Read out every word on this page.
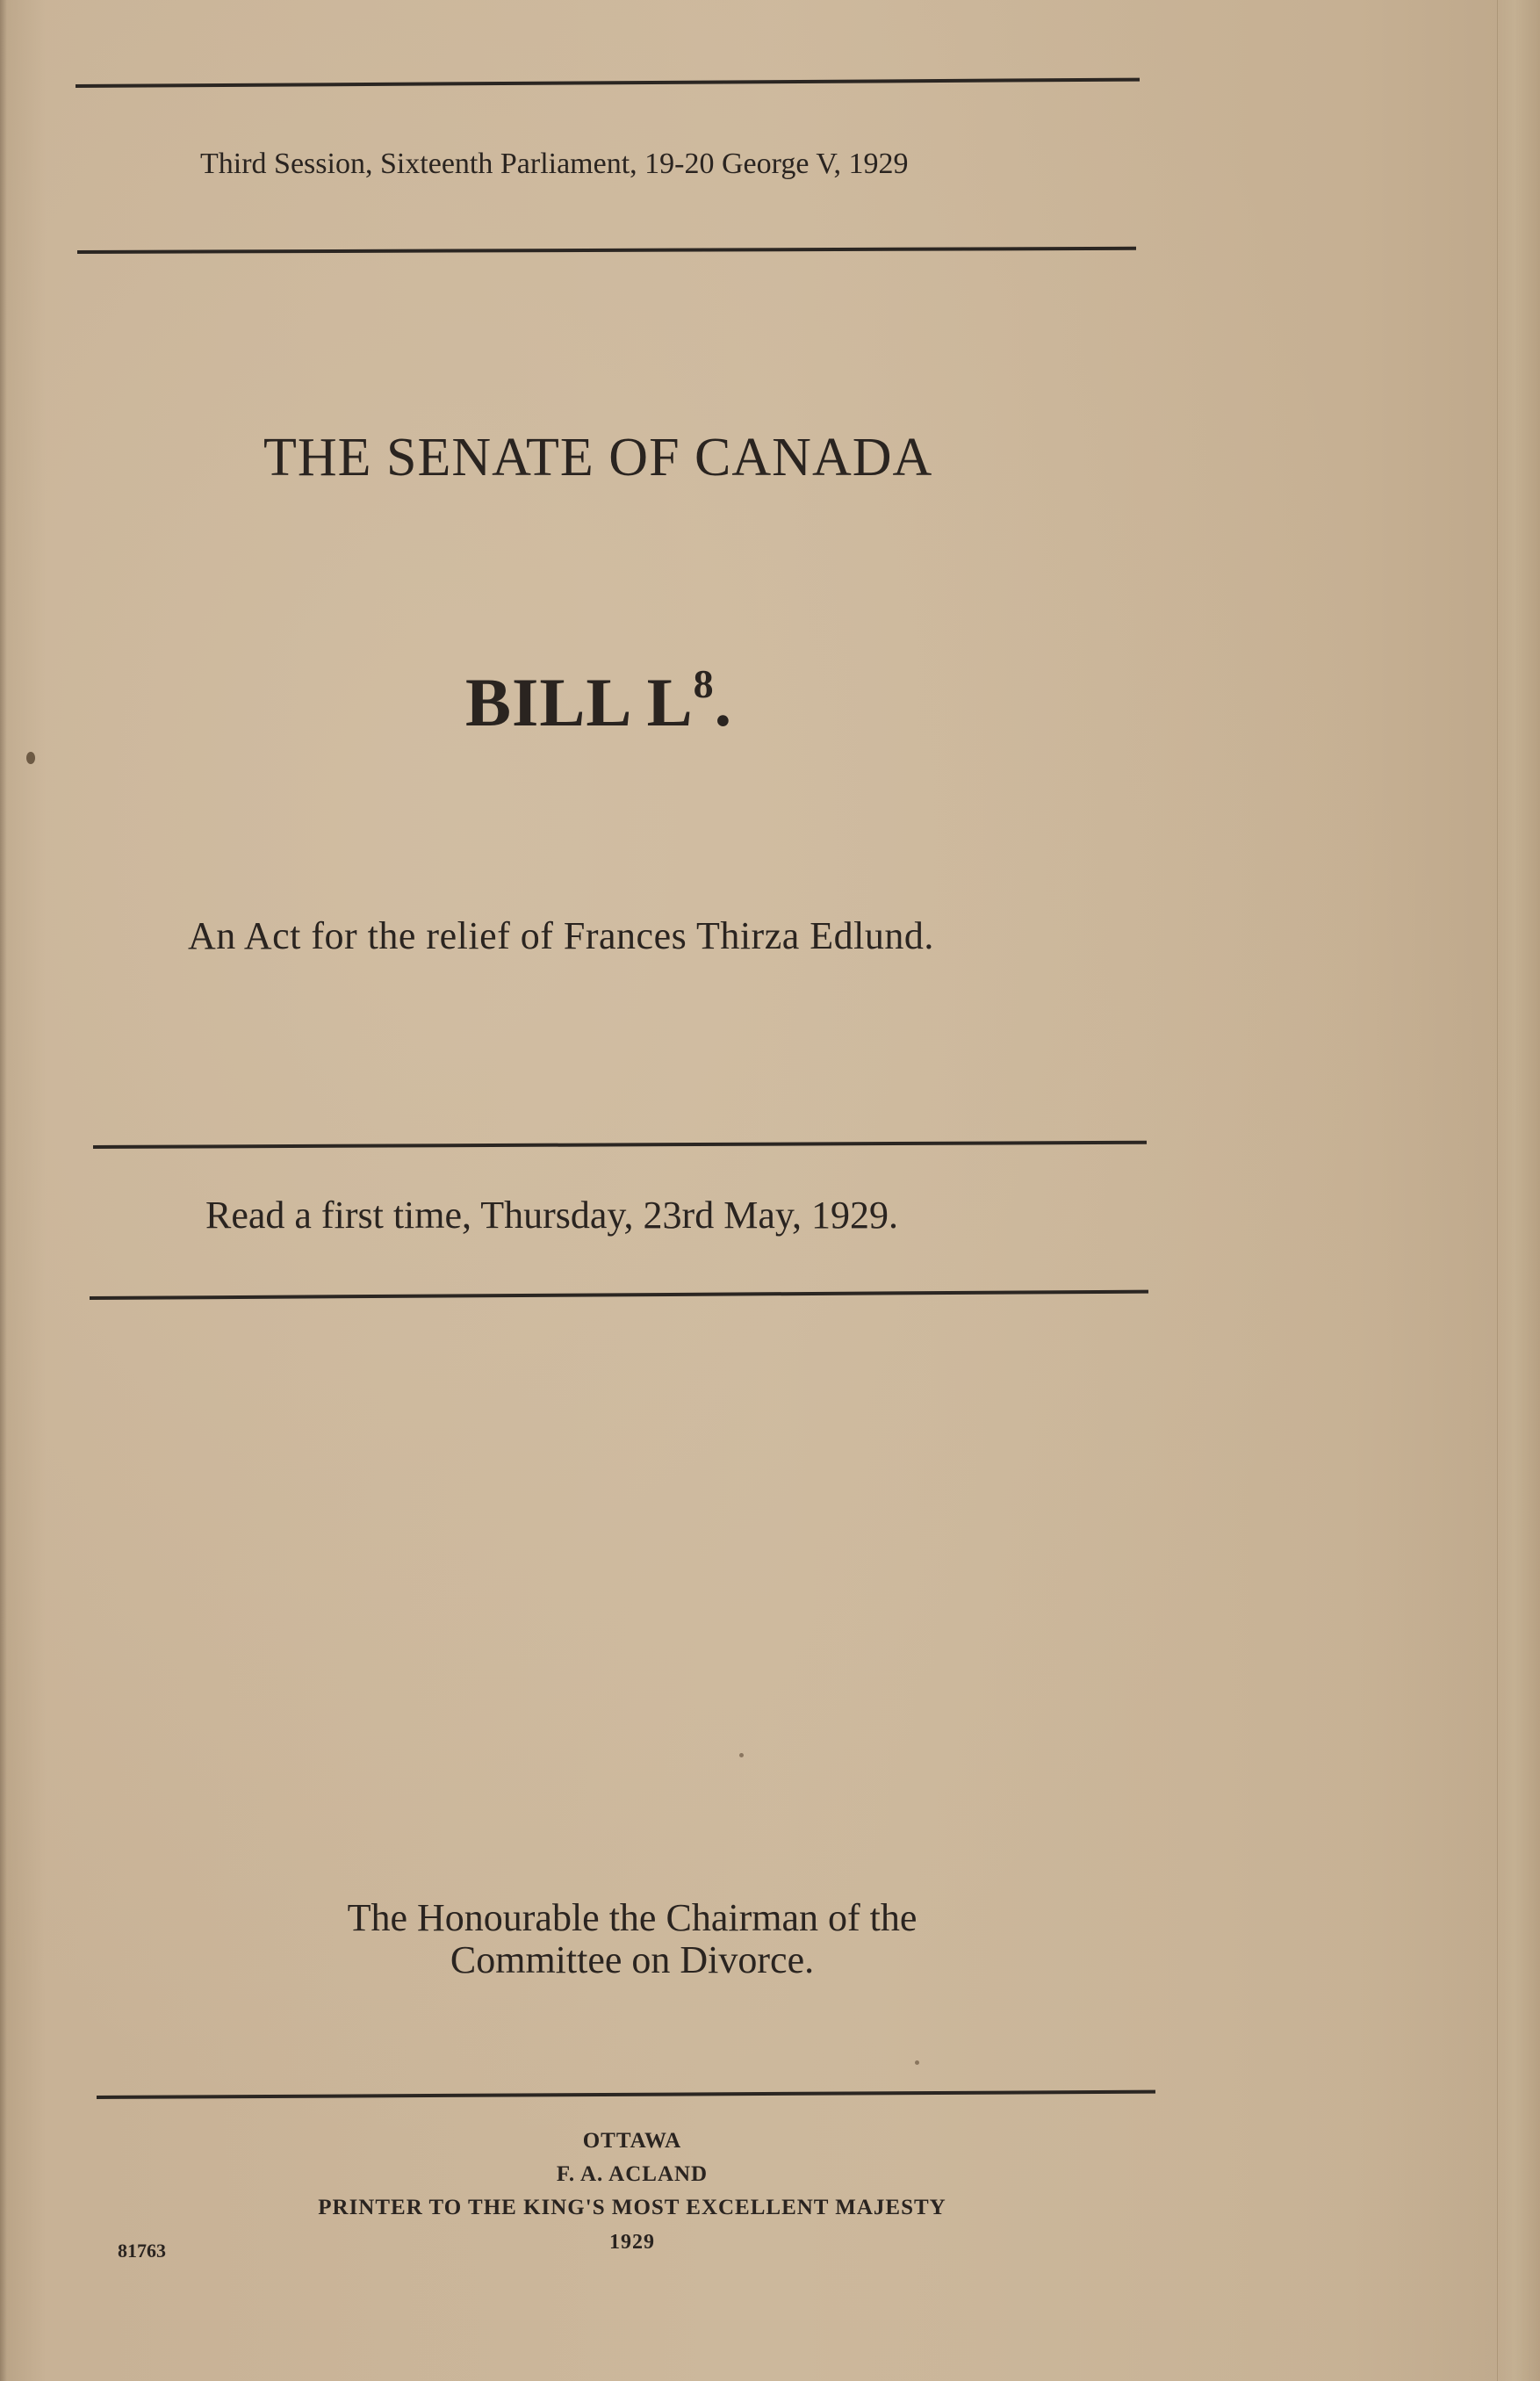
Third Session, Sixteenth Parliament, 19-20 George V, 1929
THE SENATE OF CANADA
BILL $L^8$.
An Act for the relief of Frances Thirza Edlund.
Read a first time, Thursday, 23rd May, 1929.
The Honourable the Chairman of the
Committee on Divorce.
OTTAWA
F. A. ACLAND
PRINTER TO THE KING'S MOST EXCELLENT MAJESTY
1929
81763
